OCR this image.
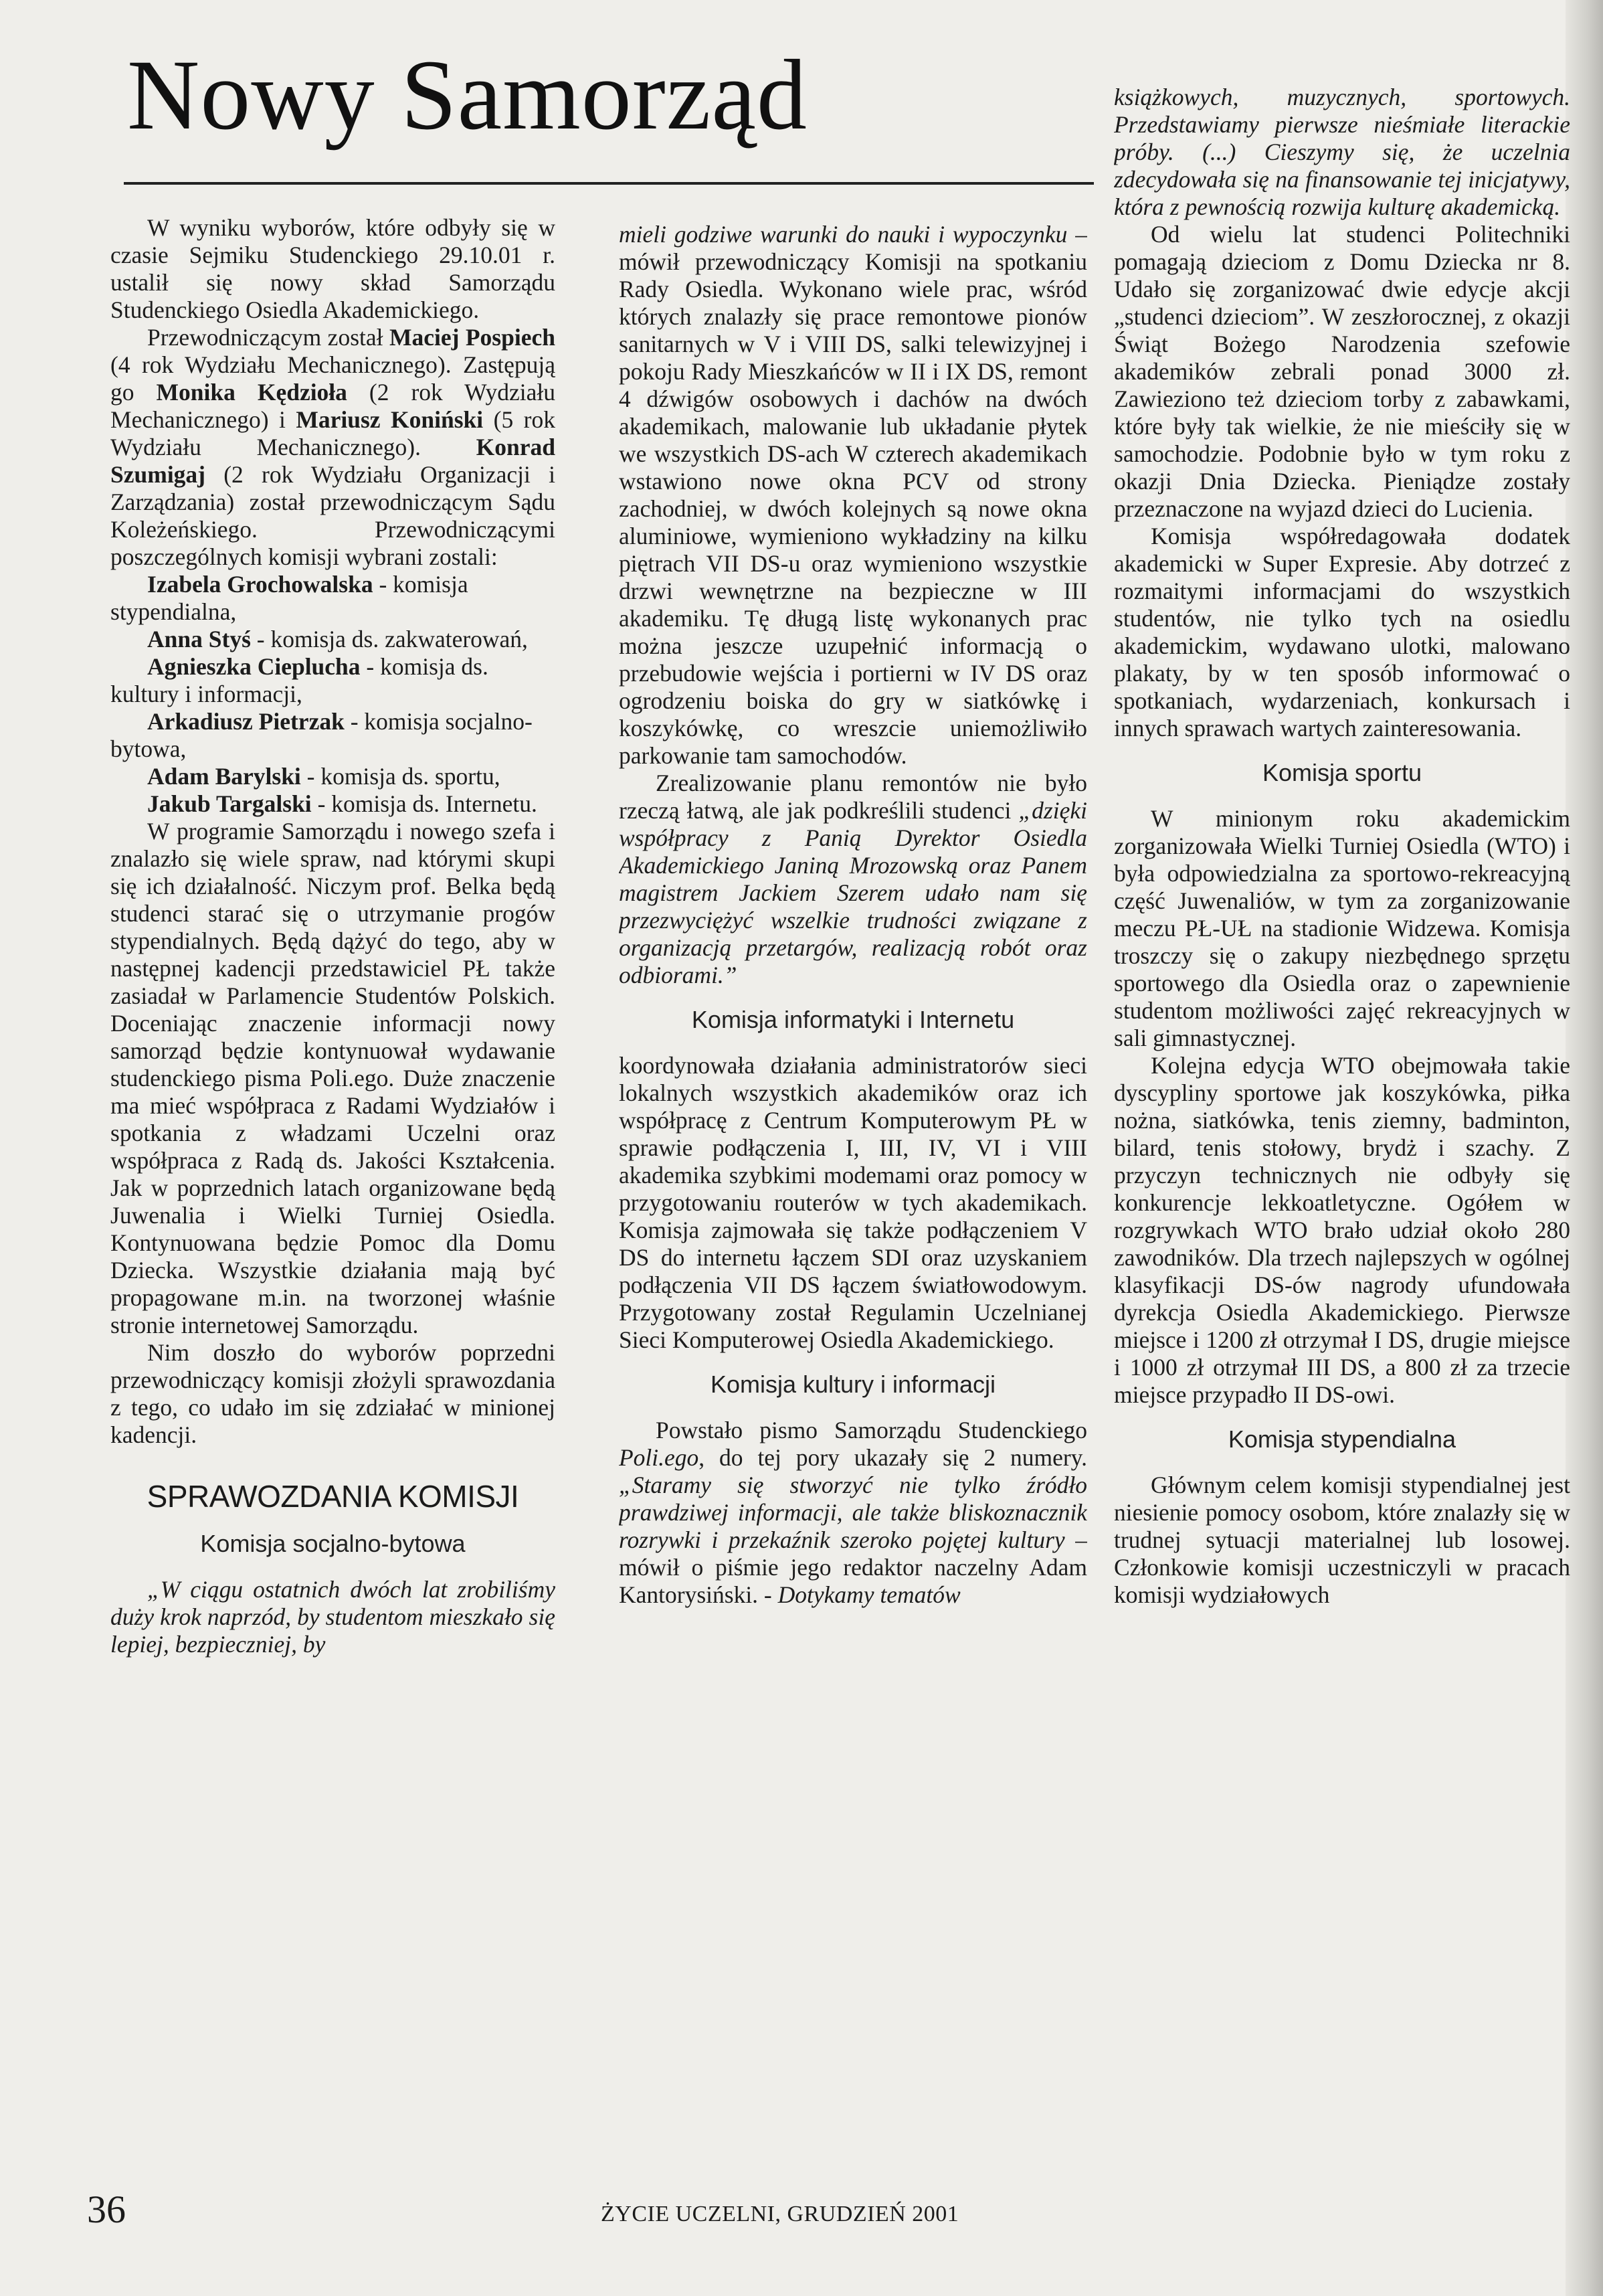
Nowy Samorząd

W wyniku wyborów, które odbyły się w czasie Sejmiku Studenckiego 29.10.01 r. ustalił się nowy skład Samorządu Studenckiego Osiedla Akademickiego.

Przewodniczącym został Maciej Pospiech (4 rok Wydziału Mechanicznego). Zastępują go Monika Kędzioła (2 rok Wydziału Mechanicznego) i Mariusz Koniński (5 rok Wydziału Mechanicznego). Konrad Szumigaj (2 rok Wydziału Organizacji i Zarządzania) został przewodniczącym Sądu Koleżeńskiego. Przewodniczącymi poszczególnych komisji wybrani zostali:

Izabela Grochowalska - komisja stypendialna,

Anna Styś - komisja ds. zakwaterowań,

Agnieszka Cieplucha - komisja ds. kultury i informacji,

Arkadiusz Pietrzak - komisja socjalno-bytowa,

Adam Barylski - komisja ds. sportu,

Jakub Targalski - komisja ds. Internetu.

W programie Samorządu i nowego szefa i znalazło się wiele spraw, nad którymi skupi się ich działalność. Niczym prof. Belka będą studenci starać się o utrzymanie progów stypendialnych. Będą dążyć do tego, aby w następnej kadencji przedstawiciel PŁ także zasiadał w Parlamencie Studentów Polskich. Doceniając znaczenie informacji nowy samorząd będzie kontynuował wydawanie studenckiego pisma Poli.ego. Duże znaczenie ma mieć współpraca z Radami Wydziałów i spotkania z władzami Uczelni oraz współpraca z Radą ds. Jakości Kształcenia. Jak w poprzednich latach organizowane będą Juwenalia i Wielki Turniej Osiedla. Kontynuowana będzie Pomoc dla Domu Dziecka. Wszystkie działania mają być propagowane m.in. na tworzonej właśnie stronie internetowej Samorządu.

Nim doszło do wyborów poprzedni przewodniczący komisji złożyli sprawozdania z tego, co udało im się zdziałać w minionej kadencji.

SPRAWOZDANIA KOMISJI
Komisja socjalno-bytowa

„W ciągu ostatnich dwóch lat zrobiliśmy duży krok naprzód, by studentom mieszkało się lepiej, bezpieczniej, by

mieli godziwe warunki do nauki i wypoczynku – mówił przewodniczący Komisji na spotkaniu Rady Osiedla. Wykonano wiele prac, wśród których znalazły się prace remontowe pionów sanitarnych w V i VIII DS, salki telewizyjnej i pokoju Rady Mieszkańców w II i IX DS, remont 4 dźwigów osobowych i dachów na dwóch akademikach, malowanie lub układanie płytek we wszystkich DS-ach W czterech akademikach wstawiono nowe okna PCV od strony zachodniej, w dwóch kolejnych są nowe okna aluminiowe, wymieniono wykładziny na kilku piętrach VII DS-u oraz wymieniono wszystkie drzwi wewnętrzne na bezpieczne w III akademiku. Tę długą listę wykonanych prac można jeszcze uzupełnić informacją o przebudowie wejścia i portierni w IV DS oraz ogrodzeniu boiska do gry w siatkówkę i koszykówkę, co wreszcie uniemożliwiło parkowanie tam samochodów.

Zrealizowanie planu remontów nie było rzeczą łatwą, ale jak podkreślili studenci „dzięki współpracy z Panią Dyrektor Osiedla Akademickiego Janiną Mrozowską oraz Panem magistrem Jackiem Szerem udało nam się przezwyciężyć wszelkie trudności związane z organizacją przetargów, realizacją robót oraz odbiorami.”

Komisja informatyki i Internetu

koordynowała działania administratorów sieci lokalnych wszystkich akademików oraz ich współpracę z Centrum Komputerowym PŁ w sprawie podłączenia I, III, IV, VI i VIII akademika szybkimi modemami oraz pomocy w przygotowaniu routerów w tych akademikach. Komisja zajmowała się także podłączeniem V DS do internetu łączem SDI oraz uzyskaniem podłączenia VII DS łączem światłowodowym. Przygotowany został Regulamin Uczelnianej Sieci Komputerowej Osiedla Akademickiego.

Komisja kultury i informacji

Powstało pismo Samorządu Studenckiego Poli.ego, do tej pory ukazały się 2 numery. „Staramy się stworzyć nie tylko źródło prawdziwej informacji, ale także bliskoznacznik rozrywki i przekaźnik szeroko pojętej kultury – mówił o piśmie jego redaktor naczelny Adam Kantorysiński. - Dotykamy tematów

książkowych, muzycznych, sportowych. Przedstawiamy pierwsze nieśmiałe literackie próby. (...) Cieszymy się, że uczelnia zdecydowała się na finansowanie tej inicjatywy, która z pewnością rozwija kulturę akademicką.

Od wielu lat studenci Politechniki pomagają dzieciom z Domu Dziecka nr 8. Udało się zorganizować dwie edycje akcji „studenci dzieciom”. W zeszłorocznej, z okazji Świąt Bożego Narodzenia szefowie akademików zebrali ponad 3000 zł. Zawieziono też dzieciom torby z zabawkami, które były tak wielkie, że nie mieściły się w samochodzie. Podobnie było w tym roku z okazji Dnia Dziecka. Pieniądze zostały przeznaczone na wyjazd dzieci do Lucienia.

Komisja współredagowała dodatek akademicki w Super Expresie. Aby dotrzeć z rozmaitymi informacjami do wszystkich studentów, nie tylko tych na osiedlu akademickim, wydawano ulotki, malowano plakaty, by w ten sposób informować o spotkaniach, wydarzeniach, konkursach i innych sprawach wartych zainteresowania.

Komisja sportu

W minionym roku akademickim zorganizowała Wielki Turniej Osiedla (WTO) i była odpowiedzialna za sportowo-rekreacyjną część Juwenaliów, w tym za zorganizowanie meczu PŁ-UŁ na stadionie Widzewa. Komisja troszczy się o zakupy niezbędnego sprzętu sportowego dla Osiedla oraz o zapewnienie studentom możliwości zajęć rekreacyjnych w sali gimnastycznej.

Kolejna edycja WTO obejmowała takie dyscypliny sportowe jak koszykówka, piłka nożna, siatkówka, tenis ziemny, badminton, bilard, tenis stołowy, brydż i szachy. Z przyczyn technicznych nie odbyły się konkurencje lekkoatletyczne. Ogółem w rozgrywkach WTO brało udział około 280 zawodników. Dla trzech najlepszych w ogólnej klasyfikacji DS-ów nagrody ufundowała dyrekcja Osiedla Akademickiego. Pierwsze miejsce i 1200 zł otrzymał I DS, drugie miejsce i 1000 zł otrzymał III DS, a 800 zł za trzecie miejsce przypadło II DS-owi.

Komisja stypendialna

Głównym celem komisji stypendialnej jest niesienie pomocy osobom, które znalazły się w trudnej sytuacji materialnej lub losowej. Członkowie komisji uczestniczyli w pracach komisji wydziałowych

36	ŻYCIE UCZELNI, GRUDZIEŃ 2001
